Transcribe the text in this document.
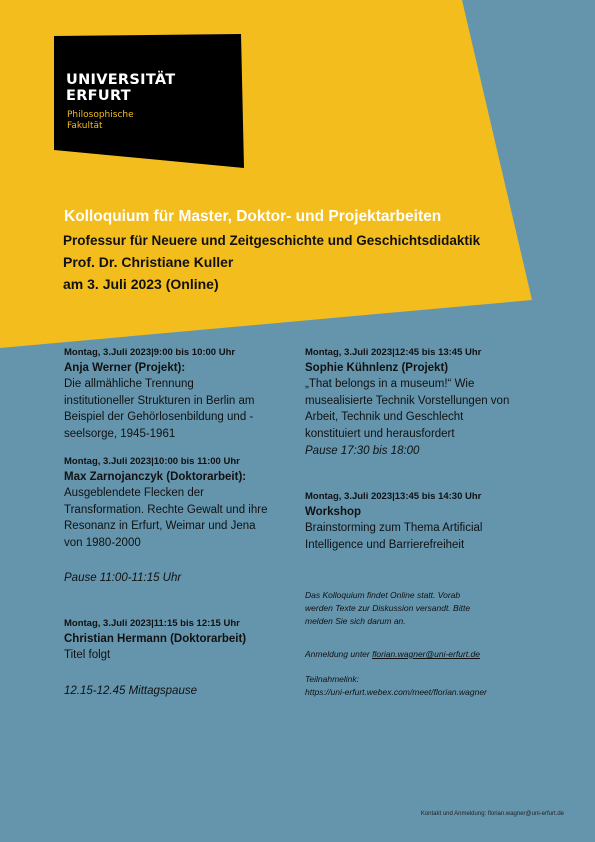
UNIVERSITÄT
ERFURT
Philosophische
Fakultät
Kolloquium für Master, Doktor- und Projektarbeiten
Professur für Neuere und Zeitgeschichte und Geschichtsdidaktik
Prof. Dr. Christiane Kuller
am 3. Juli 2023 (Online)
Montag, 3.Juli 2023|9:00 bis 10:00 Uhr
Anja Werner (Projekt):
Die allmähliche Trennung
institutioneller Strukturen in Berlin am
Beispiel der Gehörlosenbildung und -
seelsorge, 1945-1961
Montag, 3.Juli 2023|10:00 bis 11:00 Uhr
Max Zarnojanczyk (Doktorarbeit):
Ausgeblendete Flecken der
Transformation. Rechte Gewalt und ihre
Resonanz in Erfurt, Weimar und Jena
von 1980-2000
Pause 11:00-11:15 Uhr
Montag, 3.Juli 2023|11:15 bis 12:15 Uhr
Christian Hermann (Doktorarbeit)
Titel folgt
12.15-12.45 Mittagspause
Montag, 3.Juli 2023|12:45 bis 13:45 Uhr
Sophie Kühnlenz (Projekt)
„That belongs in a museum!“ Wie
musealisierte Technik Vorstellungen von
Arbeit, Technik und Geschlecht
konstituiert und herausfordert
Pause 17:30 bis 18:00
Montag, 3.Juli 2023|13:45 bis 14:30 Uhr
Workshop
Brainstorming zum Thema Artificial
Intelligence und Barrierefreiheit
Das Kolloquium findet Online statt. Vorab
werden Texte zur Diskussion versandt. Bitte
melden Sie sich darum an.
Anmeldung unter florian.wagner@uni-erfurt.de
Teilnahmelink:
https://uni-erfurt.webex.com/meet/florian.wagner
Kontakt und Anmeldung: florian.wagner@uni-erfurt.de
